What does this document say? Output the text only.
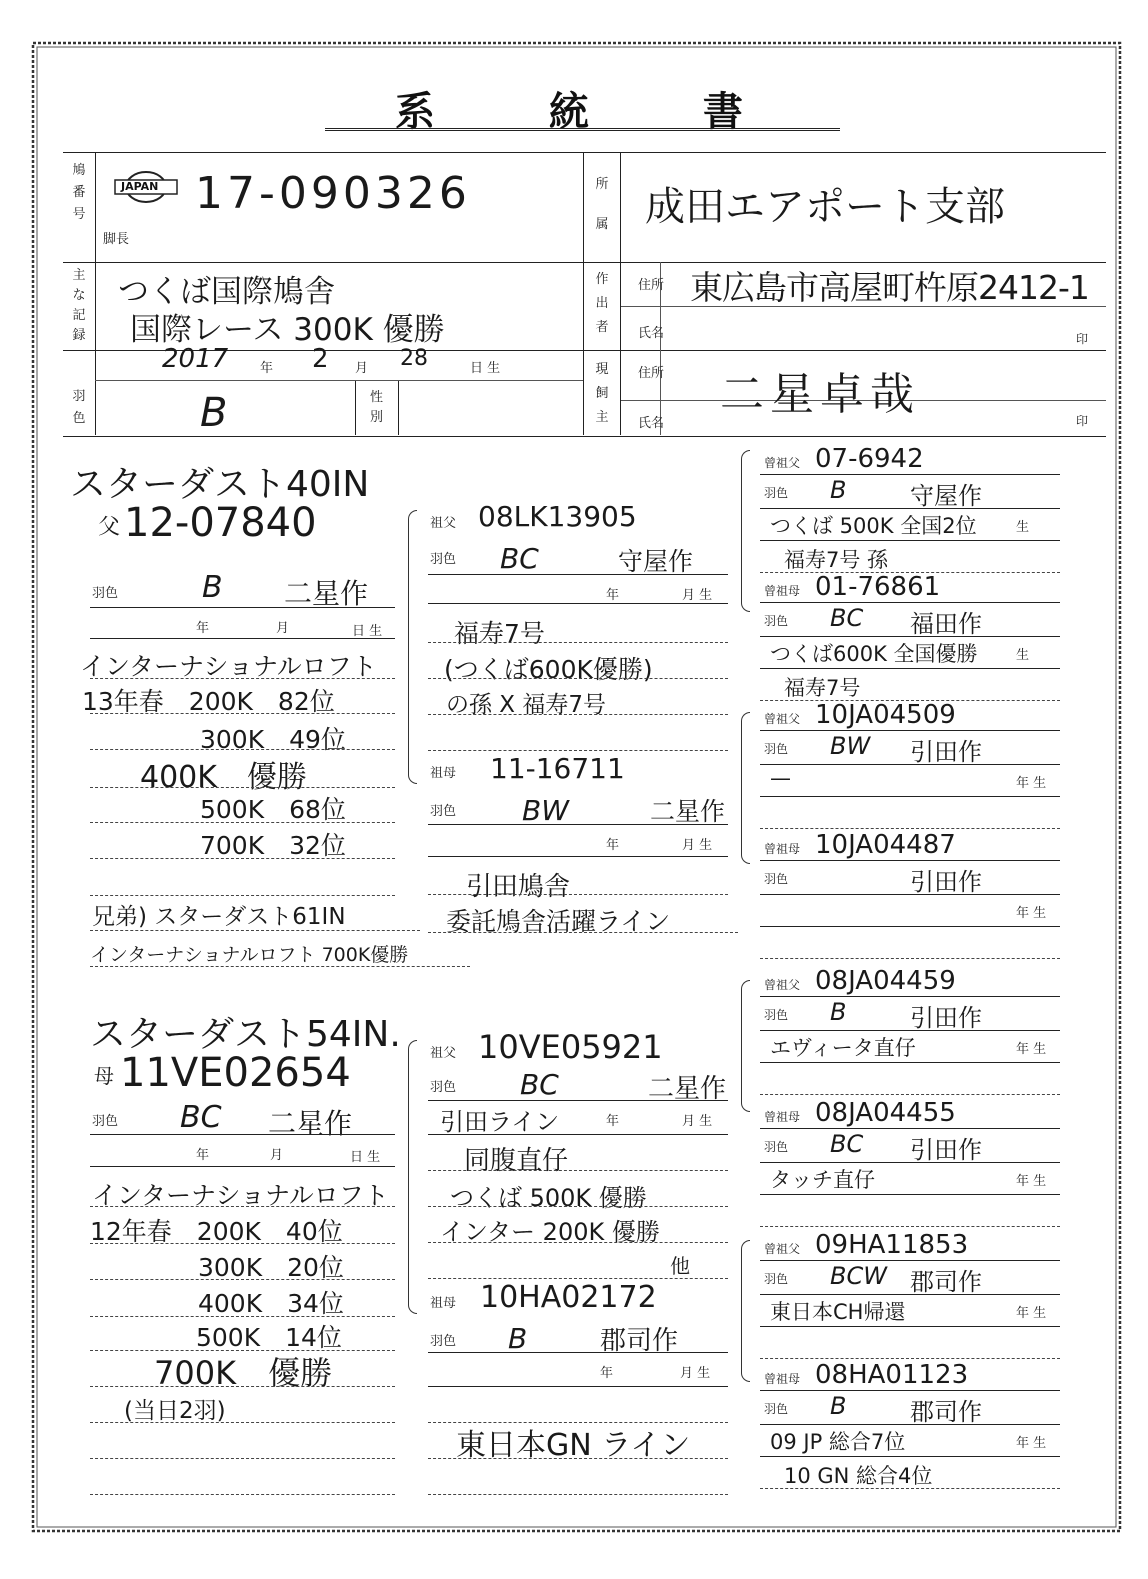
系 統 書
鳩番号
JAPAN 17-090326
脚長
所属 成田エアポート支部
主な記録
つくば国際鳩舎
国際レース 300K 優勝
2017 年 2 月 28	日 生
羽色	B	性別
作出者
住所 東広島市高屋町杵原2412-1
氏名	印
現飼主
住所
氏名
二星卓哉
印
スターダスト40IN
父 12-07840
羽色	B 二星作
年	月	日 生
インターナショナルロフト
13年春　200K　82位
300K　49位
400K　優勝
500K　68位
700K　32位
兄弟) スターダスト61IN
インターナショナルロフト 700K優勝
スターダスト54IN.
母 11VE02654
羽色 BC 二星作
年	月	日 生
インターナショナルロフト
12年春　200K　40位
300K　20位
400K　34位
500K　14位
700K　優勝
(当日2羽)
祖父 08LK13905
羽色 BC	守屋作
年	月 生
福寿7号
(つくば600K優勝)
の孫 X 福寿7号
祖母 11-16711
羽色 BW	二星作
年	月 生
引田鳩舎
委託鳩舎活躍ライン
祖父 10VE05921
羽色 BC	二星作
引田ライン	年	月 生
同腹直仔
つくば 500K 優勝
インター 200K 優勝
他
祖母 10HA02172
羽色 B	郡司作
年	月 生
東日本GN ライン
曾祖父 07-6942
羽色 B	守屋作
つくば 500K 全国2位	生
福寿7号 孫
曾祖母 01-76861
羽色 BC 福田作
つくば600K 全国優勝	生
福寿7号
曾祖父 10JA04509
羽色 BW 引田作
—	年 生
曾祖母 10JA04487
羽色	引田作
年 生
曾祖父 08JA04459
羽色 B	引田作
エヴィータ直仔	年 生
曾祖母 08JA04455
羽色 BC 引田作
タッチ直仔	年 生
曾祖父 09HA11853
羽色 BCW 郡司作
東日本CH帰還	年 生
曾祖母 08HA01123
羽色 B	郡司作
09 JP 総合7位	年 生
10 GN 総合4位
